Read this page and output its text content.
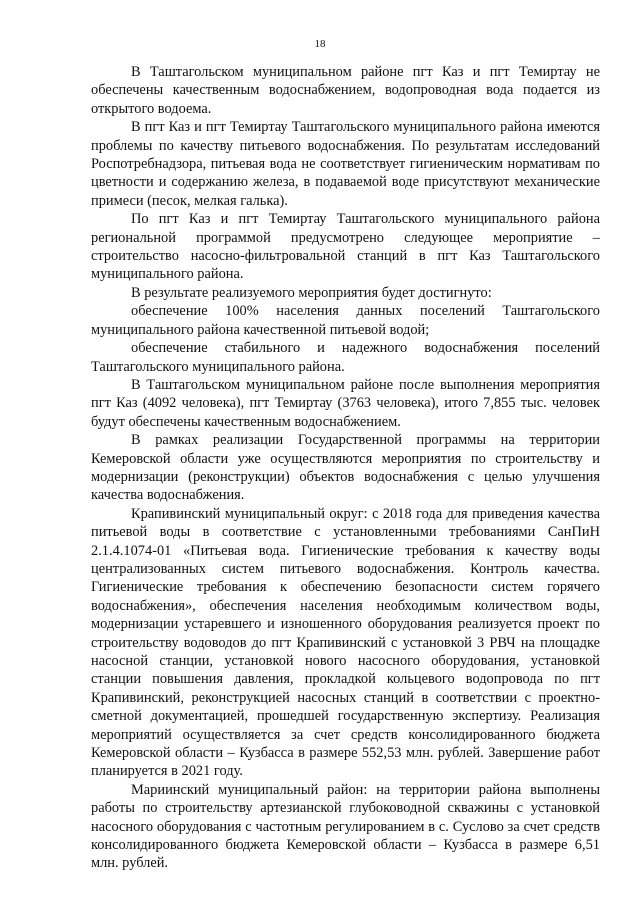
18

В Таштагольском муниципальном районе пгт Каз и пгт Темиртау не обеспечены качественным водоснабжением, водопроводная вода подается из открытого водоема.

В пгт Каз и пгт Темиртау Таштагольского муниципального района имеются проблемы по качеству питьевого водоснабжения. По результатам исследований Роспотребнадзора, питьевая вода не соответствует гигиеническим нормативам по цветности и содержанию железа, в подаваемой воде присутствуют механические примеси (песок, мелкая галька).

По пгт Каз и пгт Темиртау Таштагольского муниципального района региональной программой предусмотрено следующее мероприятие – строительство насосно-фильтровальной станций в пгт Каз Таштагольского муниципального района.

В результате реализуемого мероприятия будет достигнуто:

обеспечение 100% населения данных поселений Таштагольского муниципального района качественной питьевой водой;

обеспечение стабильного и надежного водоснабжения поселений Таштагольского муниципального района.

В Таштагольском муниципальном районе после выполнения мероприятия пгт Каз (4092 человека), пгт Темиртау (3763 человека), итого 7,855 тыс. человек будут обеспечены качественным водоснабжением.

В рамках реализации Государственной программы на территории Кемеровской области уже осуществляются мероприятия по строительству и модернизации (реконструкции) объектов водоснабжения с целью улучшения качества водоснабжения.

Крапивинский муниципальный округ: с 2018 года для приведения качества питьевой воды в соответствие с установленными требованиями СанПиН 2.1.4.1074-01 «Питьевая вода. Гигиенические требования к качеству воды централизованных систем питьевого водоснабжения. Контроль качества. Гигиенические требования к обеспечению безопасности систем горячего водоснабжения», обеспечения населения необходимым количеством воды, модернизации устаревшего и изношенного оборудования реализуется проект по строительству водоводов до пгт Крапивинский с установкой 3 РВЧ на площадке насосной станции, установкой нового насосного оборудования, установкой станции повышения давления, прокладкой кольцевого водопровода по пгт Крапивинский, реконструкцией насосных станций в соответствии с проектно-сметной документацией, прошедшей государственную экспертизу. Реализация мероприятий осуществляется за счет средств консолидированного бюджета Кемеровской области – Кузбасса в размере 552,53 млн. рублей. Завершение работ планируется в 2021 году.

Мариинский муниципальный район: на территории района выполнены работы по строительству артезианской глубоководной скважины с установкой насосного оборудования с частотным регулированием в с. Суслово за счет средств консолидированного бюджета Кемеровской области – Кузбасса в размере 6,51 млн. рублей.
